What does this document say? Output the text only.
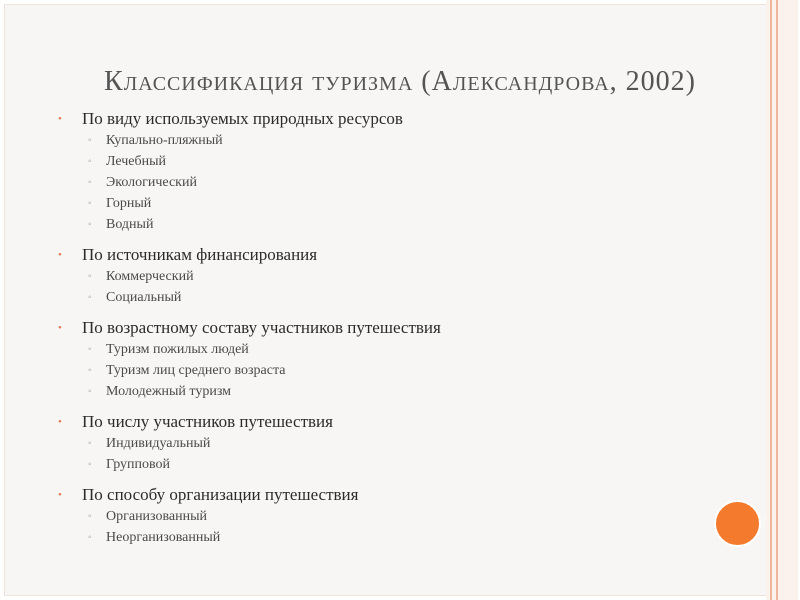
Классификация туризма (Александрова, 2002)
• По виду используемых природных ресурсов
◦ Купально-пляжный
◦ Лечебный
◦ Экологический
◦ Горный
◦ Водный
• По источникам финансирования
◦ Коммерческий
◦ Социальный
• По возрастному составу участников путешествия
◦ Туризм пожилых людей
◦ Туризм лиц среднего возраста
◦ Молодежный туризм
• По числу участников путешествия
◦ Индивидуальный
◦ Групповой
• По способу организации путешествия
◦ Организованный
◦ Неорганизованный
